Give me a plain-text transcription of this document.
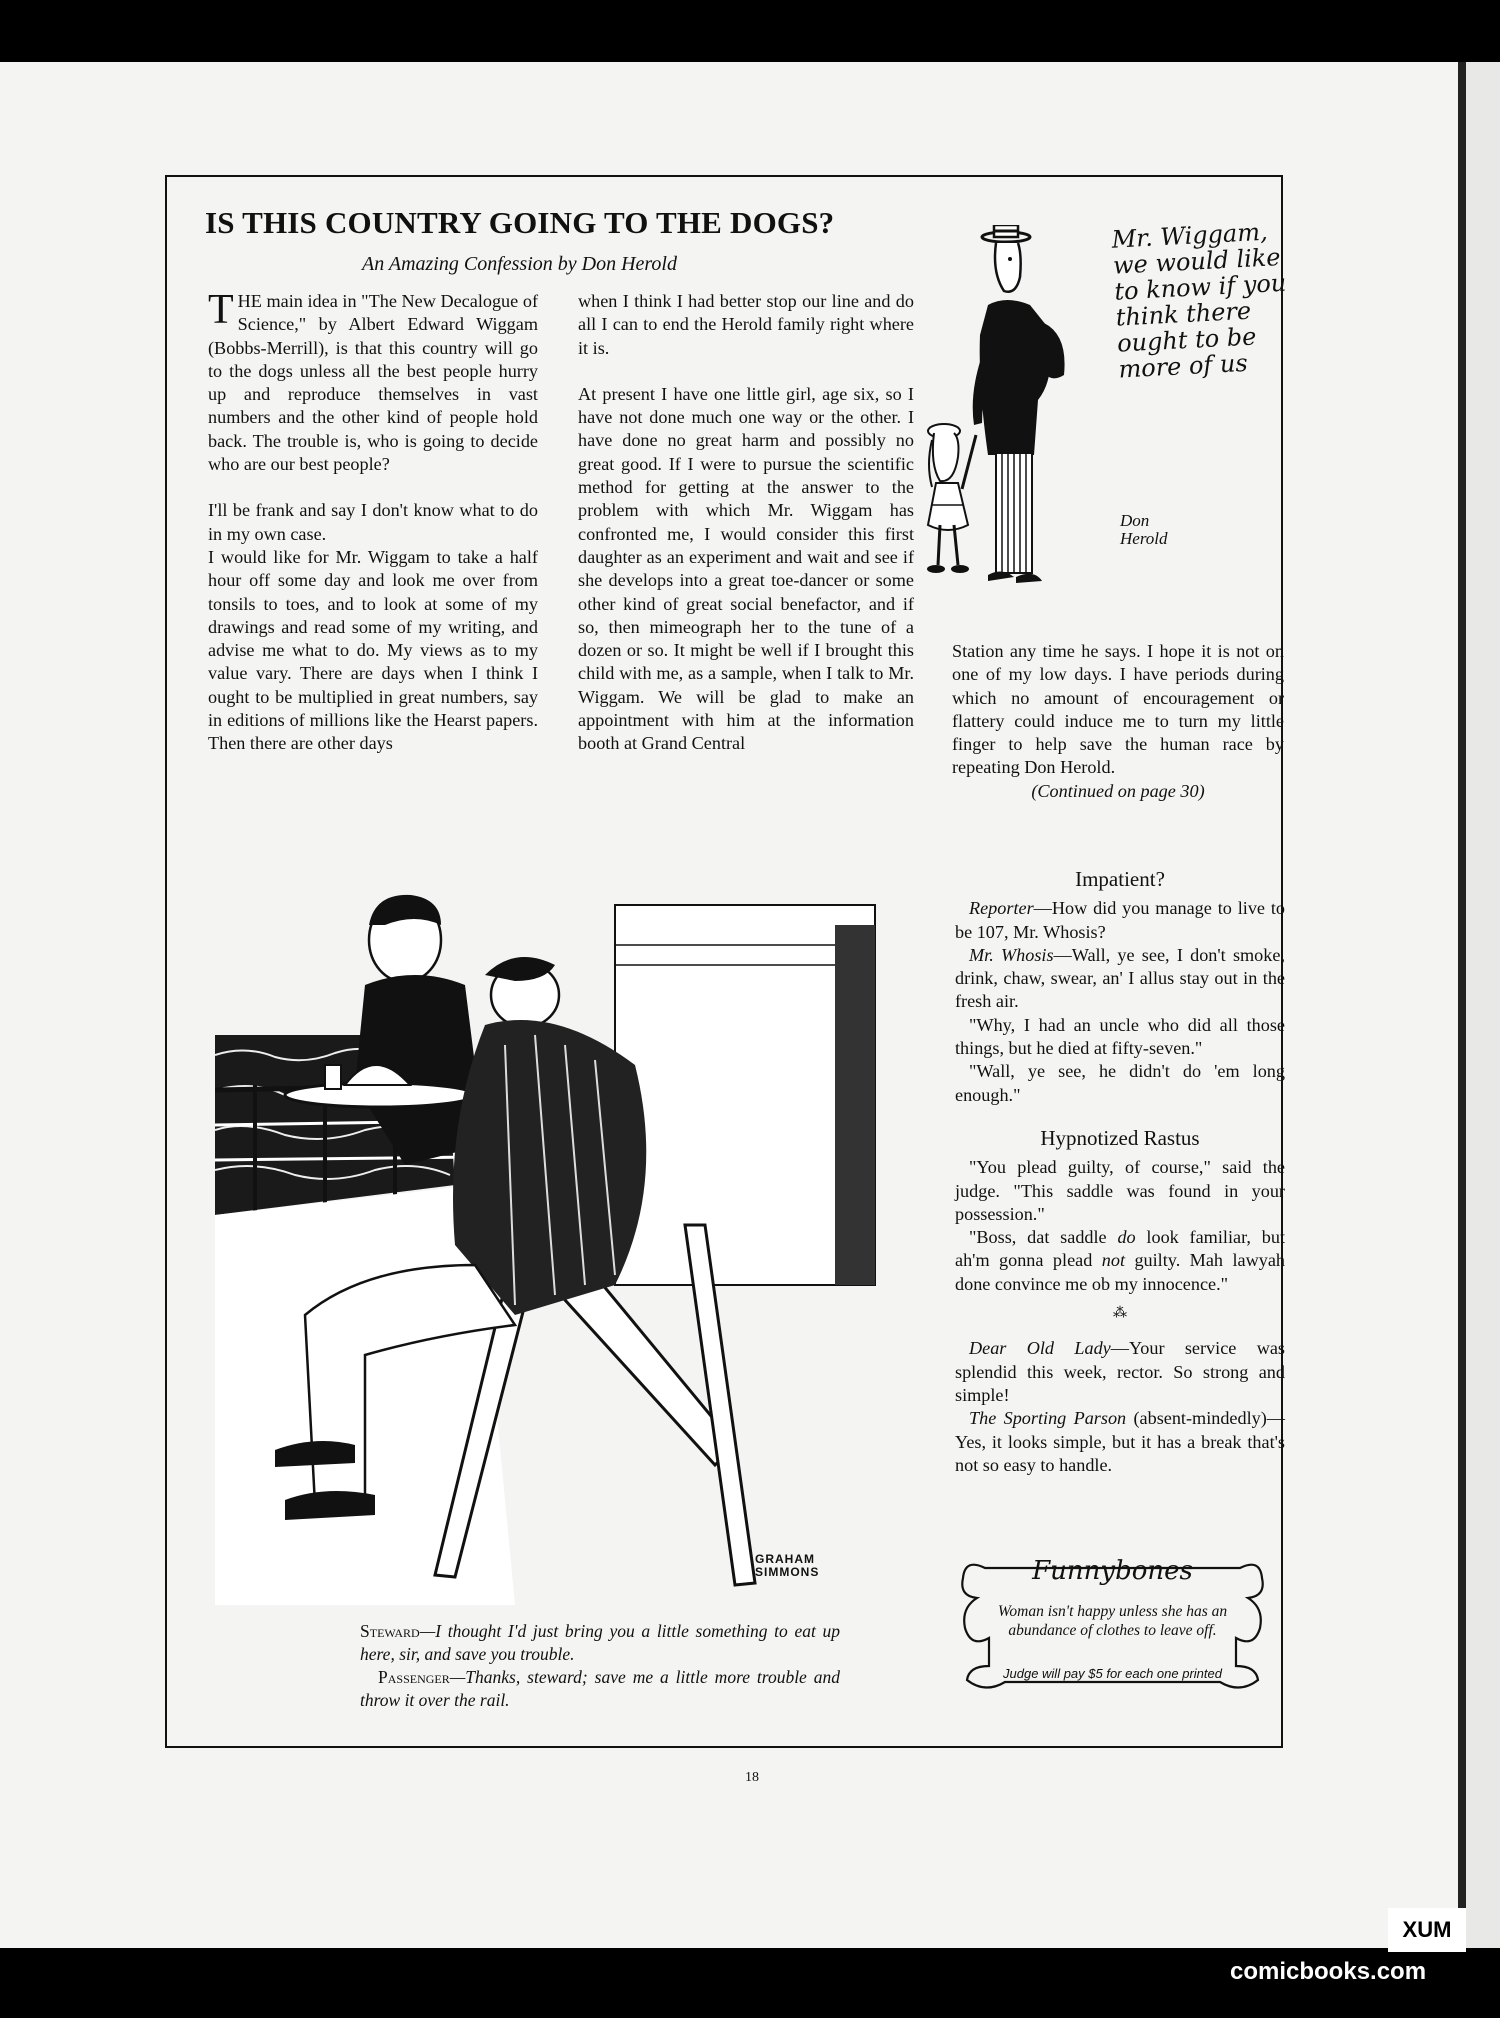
IS THIS COUNTRY GOING TO THE DOGS?
An Amazing Confession by Don Herold

THE main idea in "The New Decalogue of Science," by Albert Edward Wiggam (Bobbs-Merrill), is that this country will go to the dogs unless all the best people hurry up and reproduce themselves in vast numbers and the other kind of people hold back. The trouble is, who is going to decide who are our best people?

I'll be frank and say I don't know what to do in my own case.

I would like for Mr. Wiggam to take a half hour off some day and look me over from tonsils to toes, and to look at some of my drawings and read some of my writing, and advise me what to do. My views as to my value vary. There are days when I think I ought to be multiplied in great numbers, say in editions of millions like the Hearst papers. Then there are other days

when I think I had better stop our line and do all I can to end the Herold family right where it is.

At present I have one little girl, age six, so I have not done much one way or the other. I have done no great harm and possibly no great good. If I were to pursue the scientific method for getting at the answer to the problem with which Mr. Wiggam has confronted me, I would consider this first daughter as an experiment and wait and see if she develops into a great toe-dancer or some other kind of great social benefactor, and if so, then mimeograph her to the tune of a dozen or so. It might be well if I brought this child with me, as a sample, when I talk to Mr. Wiggam. We will be glad to make an appointment with him at the information booth at Grand Central

Station any time he says. I hope it is not on one of my low days. I have periods during which no amount of encouragement or flattery could induce me to turn my little finger to help save the human race by repeating Don Herold.

(Continued on page 30)

Mr. Wiggam, we would like to know if you think there ought to be more of us
Don
Herold
Impatient?

Reporter—How did you manage to live to be 107, Mr. Whosis?

Mr. Whosis—Wall, ye see, I don't smoke, drink, chaw, swear, an' I allus stay out in the fresh air.

"Why, I had an uncle who did all those things, but he died at fifty-seven."

"Wall, ye see, he didn't do 'em long enough."

Hypnotized Rastus

"You plead guilty, of course," said the judge. "This saddle was found in your possession."

"Boss, dat saddle do look familiar, but ah'm gonna plead not guilty. Mah lawyah done convince me ob my innocence."

⁂

Dear Old Lady—Your service was splendid this week, rector. So strong and simple!

The Sporting Parson (absent-mindedly)—Yes, it looks simple, but it has a break that's not so easy to handle.

Funnybones
Woman isn't happy unless she has an abundance of clothes to leave off.
Judge will pay $5 for each one printed
GRAHAM
SIMMONS
Steward—I thought I'd just bring you a little something to eat up here, sir, and save you trouble.
Passenger—Thanks, steward; save me a little more trouble and throw it over the rail.
18
XUM
comicbooks.com
